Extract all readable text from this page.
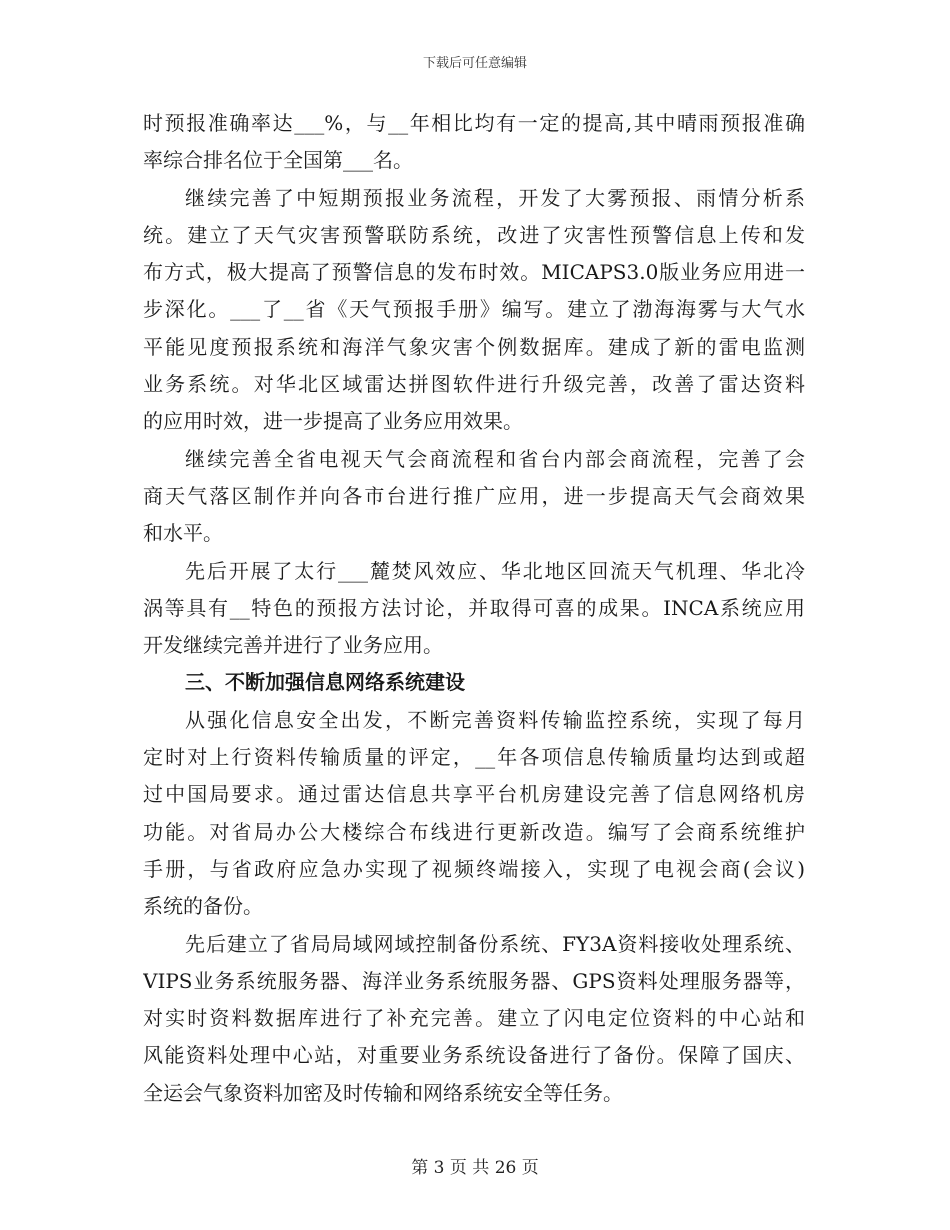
下载后可任意编辑
时预报准确率达___%，与__年相比均有一定的提高,其中晴雨预报准确
率综合排名位于全国第___名。
继续完善了中短期预报业务流程，开发了大雾预报、雨情分析系
统。建立了天气灾害预警联防系统，改进了灾害性预警信息上传和发
布方式，极大提高了预警信息的发布时效。MICAPS3.0版业务应用进一
步深化。___了__省《天气预报手册》编写。建立了渤海海雾与大气水
平能见度预报系统和海洋气象灾害个例数据库。建成了新的雷电监测
业务系统。对华北区域雷达拼图软件进行升级完善，改善了雷达资料
的应用时效，进一步提高了业务应用效果。
继续完善全省电视天气会商流程和省台内部会商流程，完善了会
商天气落区制作并向各市台进行推广应用，进一步提高天气会商效果
和水平。
先后开展了太行___麓焚风效应、华北地区回流天气机理、华北冷
涡等具有__特色的预报方法讨论，并取得可喜的成果。INCA系统应用
开发继续完善并进行了业务应用。
三、不断加强信息网络系统建设
从强化信息安全出发，不断完善资料传输监控系统，实现了每月
定时对上行资料传输质量的评定，__年各项信息传输质量均达到或超
过中国局要求。通过雷达信息共享平台机房建设完善了信息网络机房
功能。对省局办公大楼综合布线进行更新改造。编写了会商系统维护
手册，与省政府应急办实现了视频终端接入，实现了电视会商(会议)
系统的备份。
先后建立了省局局域网域控制备份系统、FY3A资料接收处理系统、
VIPS业务系统服务器、海洋业务系统服务器、GPS资料处理服务器等，
对实时资料数据库进行了补充完善。建立了闪电定位资料的中心站和
风能资料处理中心站，对重要业务系统设备进行了备份。保障了国庆、
全运会气象资料加密及时传输和网络系统安全等任务。
第 3 页 共 26 页
